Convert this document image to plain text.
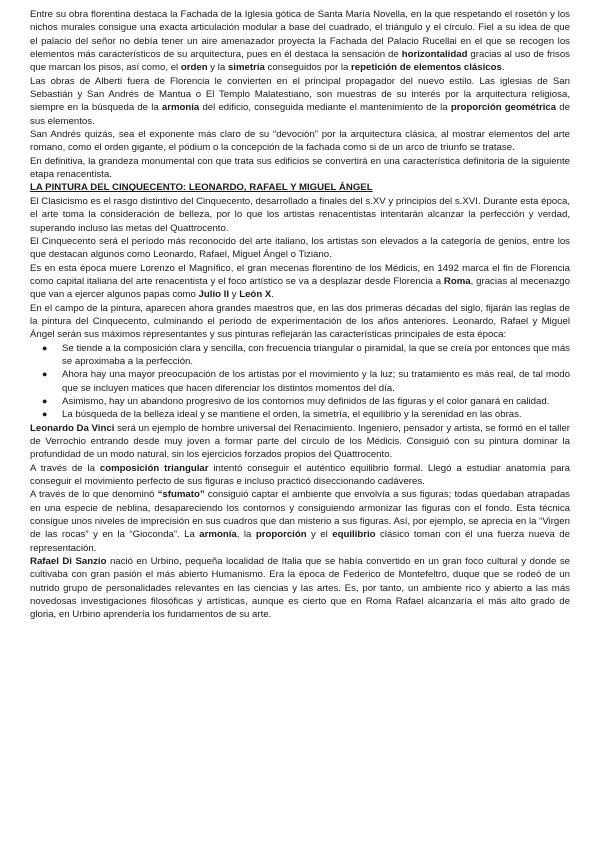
Entre su obra florentina destaca la Fachada de la Iglesia gótica de Santa María Novella, en la que respetando el rosetón y los nichos murales consigue una exacta articulación modular a base del cuadrado, el triángulo y el círculo. Fiel a su idea de que el palacio del señor no debía tener un aire amenazador proyecta la Fachada del Palacio Rucellai en el que se recogen los elementos más característicos de su arquitectura, pues en él destaca la sensación de horizontalidad gracias al uso de frisos que marcan los pisos, así como, el orden y la simetría conseguidos por la repetición de elementos clásicos.

Las obras de Alberti fuera de Florencia le convierten en el principal propagador del nuevo estilo. Las iglesias de San Sebastián y San Andrés de Mantua o El Templo Malatestiano, son muestras de su interés por la arquitectura religiosa, siempre en la búsqueda de la armonía del edificio, conseguida mediante el mantenimiento de la proporción geométrica de sus elementos.

San Andrés quizás, sea el exponente más claro de su “devoción” por la arquitectura clásica, al mostrar elementos del arte romano, como el orden gigante, el pódium o la concepción de la fachada como si de un arco de triunfo se tratase.

En definitiva, la grandeza monumental con que trata sus edificios se convertirá en una característica definitoria de la siguiente etapa renacentista.

LA PINTURA DEL CINQUECENTO: LEONARDO, RAFAEL Y MIGUEL ÁNGEL

El Clasicismo es el rasgo distintivo del Cinquecento, desarrollado a finales del s.XV y principios del s.XVI. Durante esta época, el arte toma la consideración de belleza, por lo que los artistas renacentistas intentarán alcanzar la perfección y verdad, superando incluso las metas del Quattrocento.

El Cinquecento será el período más reconocido del arte italiano, los artistas son elevados a la categoría de genios, entre los que destacan algunos como Leonardo, Rafael, Miguel Ángel o Tiziano.

Es en esta época muere Lorenzo el Magnífico, el gran mecenas florentino de los Médicis, en 1492 marca el fin de Florencia como capital italiana del arte renacentista y el foco artístico se va a desplazar desde Florencia a Roma, gracias al mecenazgo que van a ejercer algunos papas como Julio II y León X.

En el campo de la pintura, aparecen ahora grandes maestros que, en las dos primeras décadas del siglo, fijarán las reglas de la pintura del Cinquecento, culminando el período de experimentación de los años anteriores. Leonardo, Rafael y Miguel Ángel serán sus máximos representantes y sus pinturas reflejarán las características principales de esta época:

● Se tiende a la composición clara y sencilla, con frecuencia triangular o piramidal, la que se creía por entonces que más se aproximaba a la perfección.
● Ahora hay una mayor preocupación de los artistas por el movimiento y la luz; su tratamiento es más real, de tal modo que se incluyen matices que hacen diferenciar los distintos momentos del día.
● Asimismo, hay un abandono progresivo de los contornos muy definidos de las figuras y el color ganará en calidad.
● La búsqueda de la belleza ideal y se mantiene el orden, la simetría, el equilibrio y la serenidad en las obras.

Leonardo Da Vinci será un ejemplo de hombre universal del Renacimiento. Ingeniero, pensador y artista, se formó en el taller de Verrochio entrando desde muy joven a formar parte del círculo de los Médicis. Consiguió con su pintura dominar la profundidad de un modo natural, sin los ejercicios forzados propios del Quattrocento.

A través de la composición triangular intentó conseguir el auténtico equilibrio formal. Llegó a estudiar anatomía para conseguir el movimiento perfecto de sus figuras e incluso practicó diseccionando cadáveres.

A través de lo que denominó “sfumato” consiguió captar el ambiente que envolvía a sus figuras; todas quedaban atrapadas en una especie de neblina, desapareciendo los contornos y consiguiendo armonizar las figuras con el fondo. Esta técnica consigue unos niveles de imprecisión en sus cuadros que dan misterio a sus figuras. Así, por ejemplo, se aprecia en la “Virgen de las rocas” y en la “Gioconda”. La armonía, la proporción y el equilibrio clásico toman con él una fuerza nueva de representación.

Rafael Di Sanzio nació en Urbino, pequeña localidad de Italia que se había convertido en un gran foco cultural y donde se cultivaba con gran pasión el más abierto Humanismo. Era la época de Federico de Montefeltro, duque que se rodeó de un nutrido grupo de personalidades relevantes en las ciencias y las artes. Es, por tanto, un ambiente rico y abierto a las más novedosas investigaciones filosóficas y artísticas, aunque es cierto que en Roma Rafael alcanzaría el más alto grado de gloria, en Urbino aprendería los fundamentos de su arte.
